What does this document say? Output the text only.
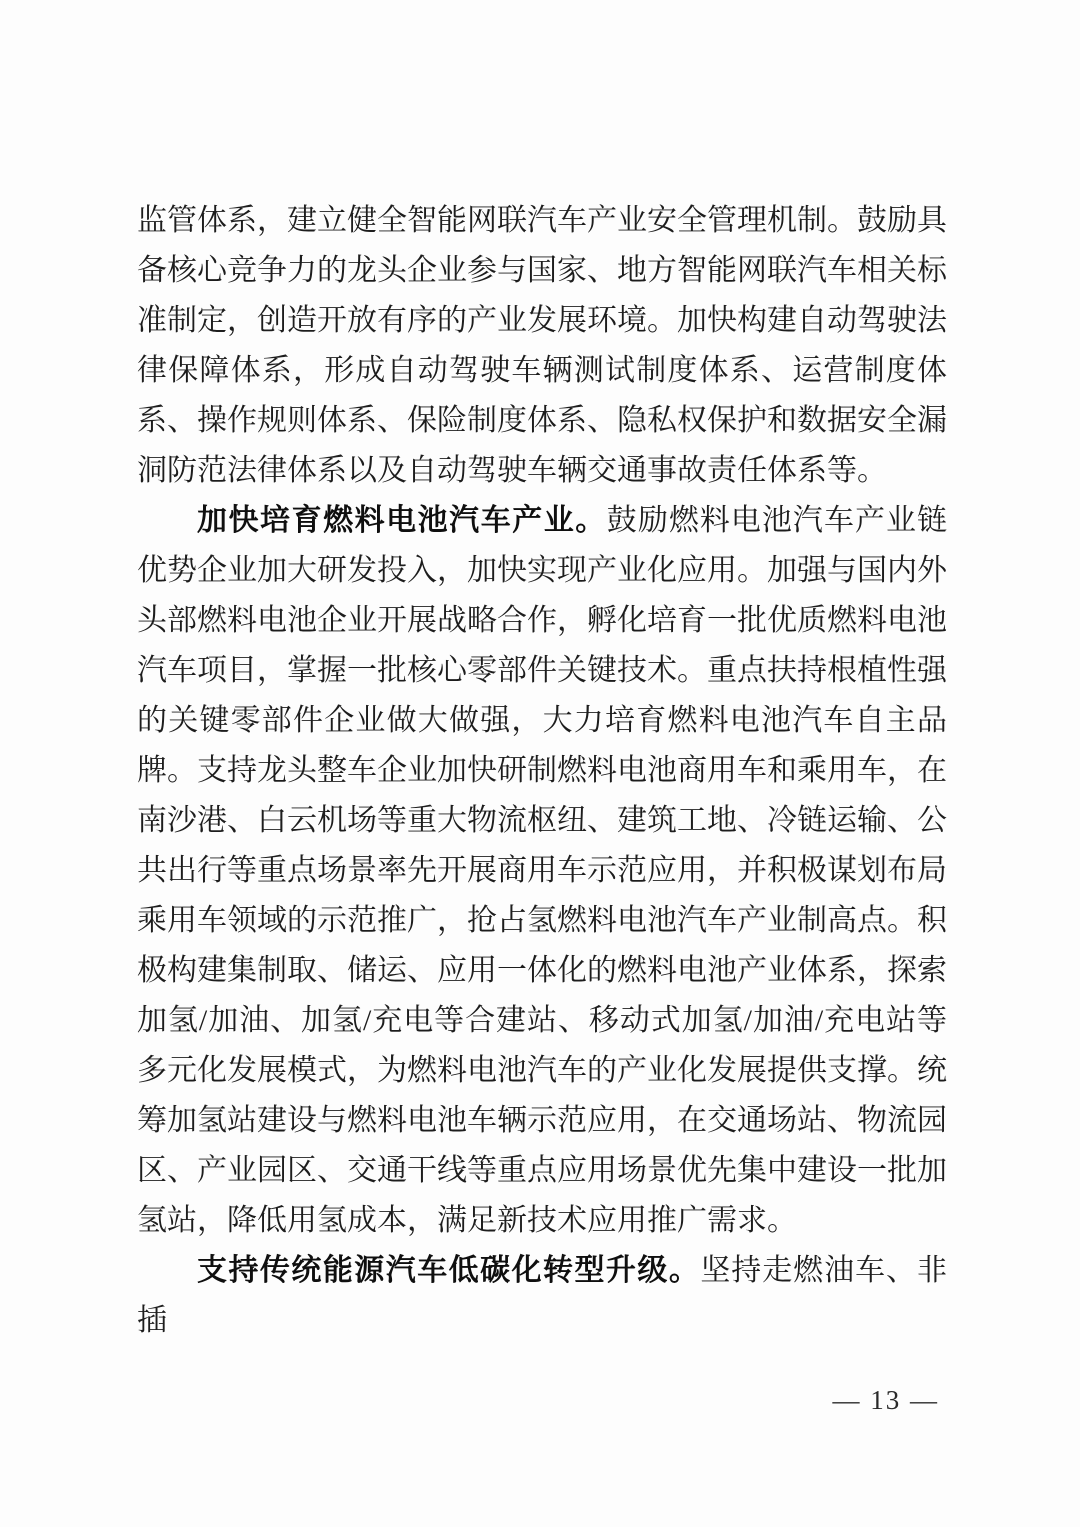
监管体系，建立健全智能网联汽车产业安全管理机制。鼓励具备核心竞争力的龙头企业参与国家、地方智能网联汽车相关标准制定，创造开放有序的产业发展环境。加快构建自动驾驶法律保障体系，形成自动驾驶车辆测试制度体系、运营制度体系、操作规则体系、保险制度体系、隐私权保护和数据安全漏洞防范法律体系以及自动驾驶车辆交通事故责任体系等。

加快培育燃料电池汽车产业。鼓励燃料电池汽车产业链优势企业加大研发投入，加快实现产业化应用。加强与国内外头部燃料电池企业开展战略合作，孵化培育一批优质燃料电池汽车项目，掌握一批核心零部件关键技术。重点扶持根植性强的关键零部件企业做大做强，大力培育燃料电池汽车自主品牌。支持龙头整车企业加快研制燃料电池商用车和乘用车，在南沙港、白云机场等重大物流枢纽、建筑工地、冷链运输、公共出行等重点场景率先开展商用车示范应用，并积极谋划布局乘用车领域的示范推广，抢占氢燃料电池汽车产业制高点。积极构建集制取、储运、应用一体化的燃料电池产业体系，探索加氢/加油、加氢/充电等合建站、移动式加氢/加油/充电站等多元化发展模式，为燃料电池汽车的产业化发展提供支撑。统筹加氢站建设与燃料电池车辆示范应用，在交通场站、物流园区、产业园区、交通干线等重点应用场景优先集中建设一批加氢站，降低用氢成本，满足新技术应用推广需求。

支持传统能源汽车低碳化转型升级。坚持走燃油车、非插

— 13 —
